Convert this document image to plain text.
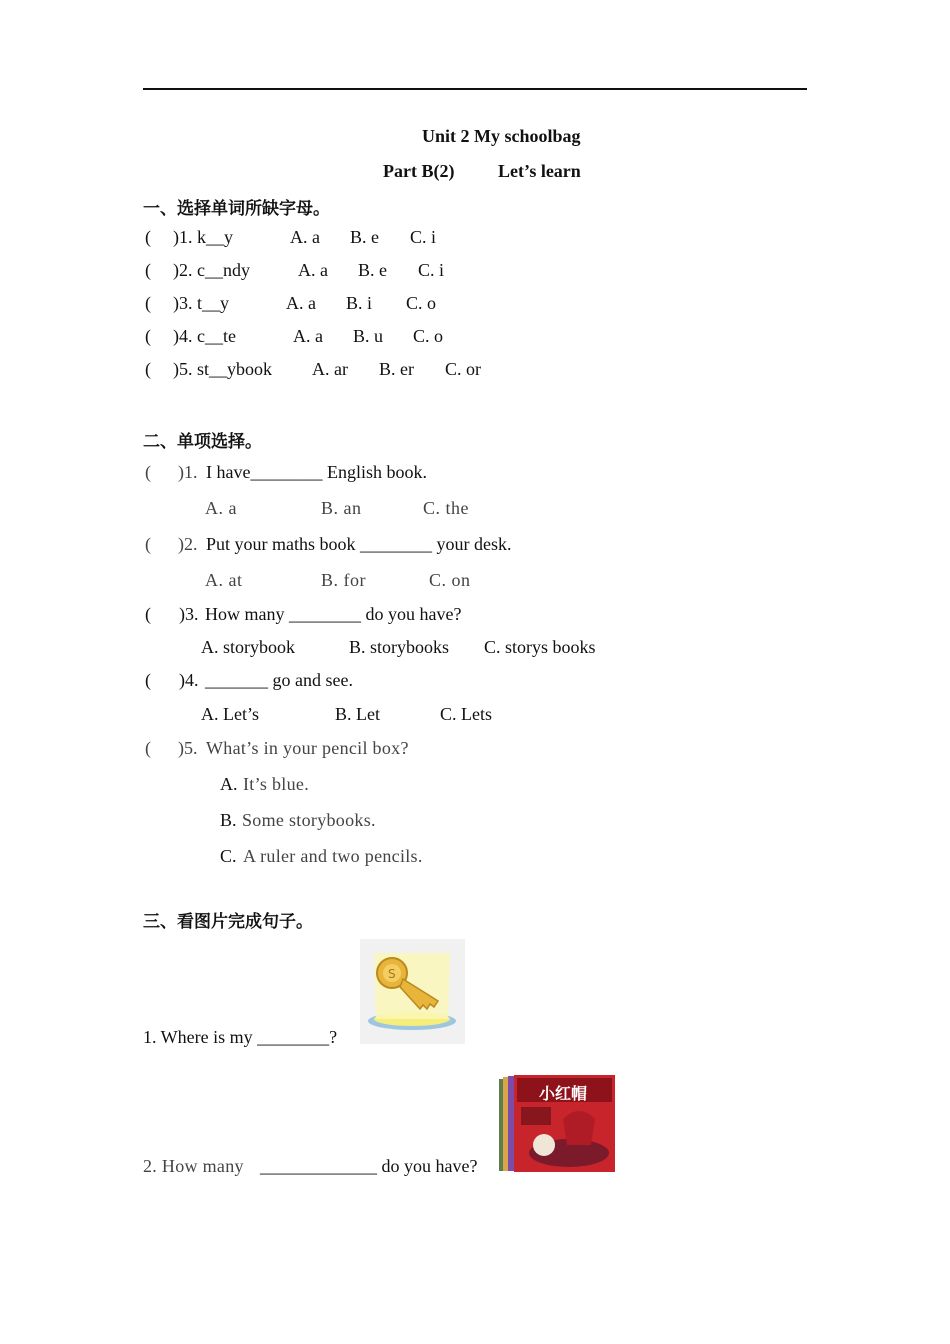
Unit 2 My schoolbag
Part B(2) Let’s learn
一、选择单词所缺字母。
( )1. k__y	A. a B. e C. i
( )2. c__ndy	A. a B. e C. i
( )3. t__y	A. a B. i C. o
( )4. c__te	A. a B. u C. o
( )5. st__ybook A. ar B. er C. or
二、单项选择。
( )1. I have________ English book.
A. a	B. an	C. the
( )2. Put your maths book ________ your desk.
A. at	B. for	C. on
( )3. How many ________ do you have?
A. storybook	B. storybooks C. storys books
( )4. _______ go and see.
A. Let’s	B. Let	C. Lets
( )5. What’s in your pencil box?
A. It’s blue.
B. Some storybooks.
C. A ruler and two pencils.
三、看图片完成句子。
1. Where is my ________?
S
2. How many _____________ do you have?
小红帽
